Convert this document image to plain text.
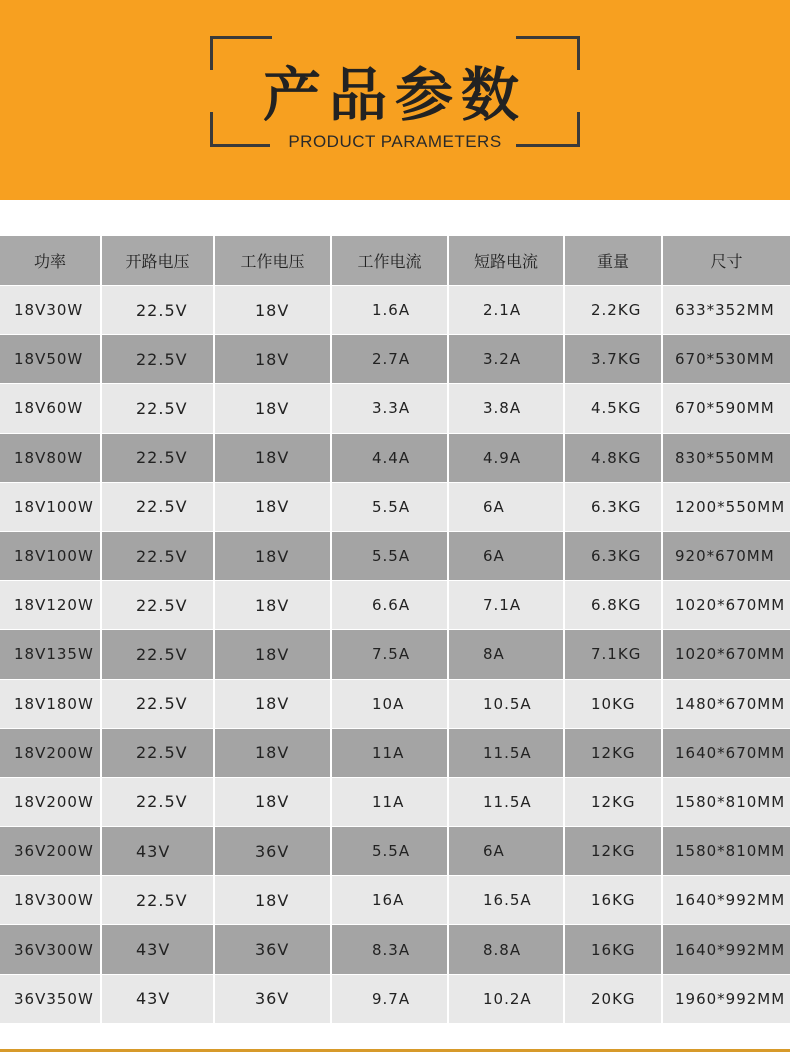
产品参数
PRODUCT PARAMETERS
功率	开路电压	工作电压	工作电流	短路电流	重量	尺寸
18V30W	22.5V	18V	1.6A	2.1A	2.2KG	633*352MM
18V50W	22.5V	18V	2.7A	3.2A	3.7KG	670*530MM
18V60W	22.5V	18V	3.3A	3.8A	4.5KG	670*590MM
18V80W	22.5V	18V	4.4A	4.9A	4.8KG	830*550MM
18V100W	22.5V	18V	5.5A	6A	6.3KG	1200*550MM
18V100W	22.5V	18V	5.5A	6A	6.3KG	920*670MM
18V120W	22.5V	18V	6.6A	7.1A	6.8KG	1020*670MM
18V135W	22.5V	18V	7.5A	8A	7.1KG	1020*670MM
18V180W	22.5V	18V	10A	10.5A	10KG	1480*670MM
18V200W	22.5V	18V	11A	11.5A	12KG	1640*670MM
18V200W	22.5V	18V	11A	11.5A	12KG	1580*810MM
36V200W	43V	36V	5.5A	6A	12KG	1580*810MM
18V300W	22.5V	18V	16A	16.5A	16KG	1640*992MM
36V300W	43V	36V	8.3A	8.8A	16KG	1640*992MM
36V350W	43V	36V	9.7A	10.2A	20KG	1960*992MM
